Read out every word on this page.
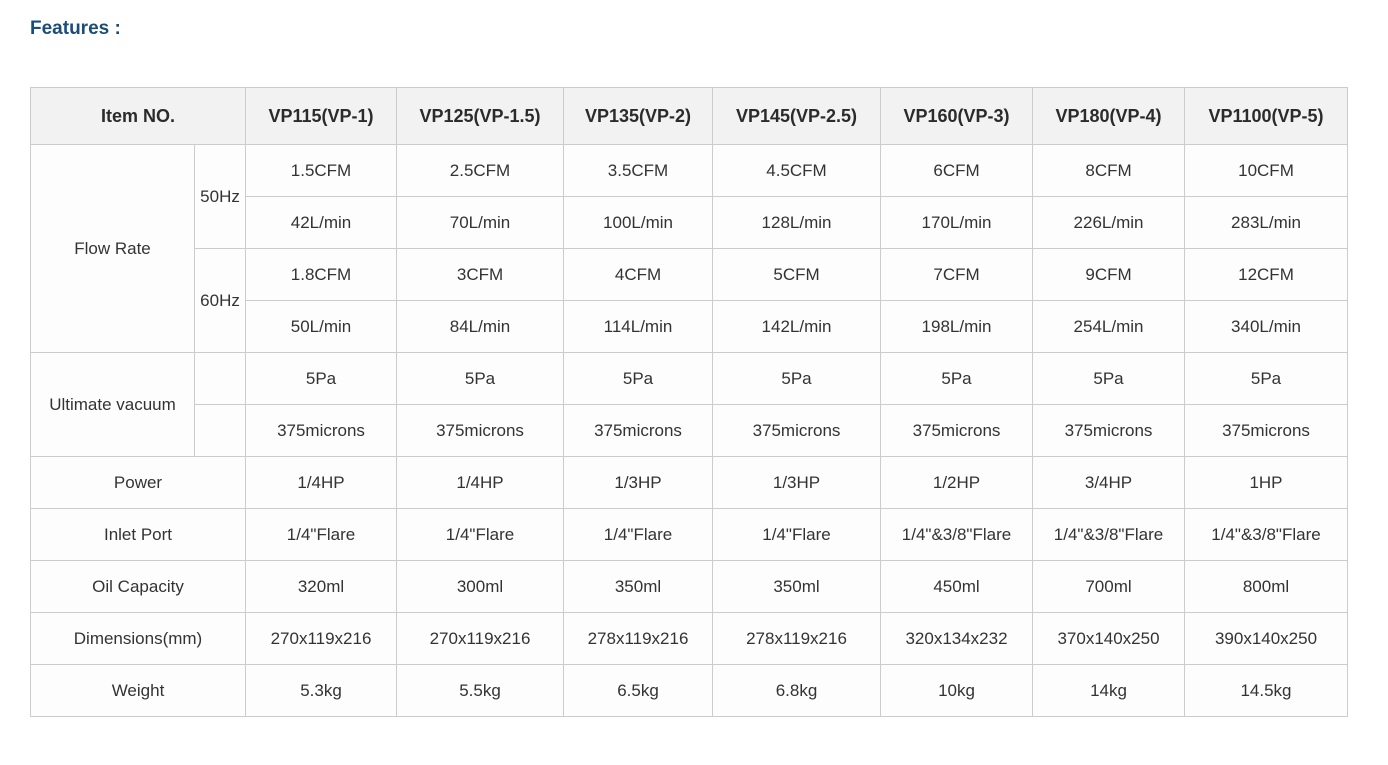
Features :
Item NO.		VP115(VP-1)	VP125(VP-1.5)	VP135(VP-2)	VP145(VP-2.5)	VP160(VP-3)	VP180(VP-4)	VP1100(VP-5)
Flow Rate	50Hz	1.5CFM	2.5CFM	3.5CFM	4.5CFM	6CFM	8CFM	10CFM
		42L/min	70L/min	100L/min	128L/min	170L/min	226L/min	283L/min
	60Hz	1.8CFM	3CFM	4CFM	5CFM	7CFM	9CFM	12CFM
		50L/min	84L/min	114L/min	142L/min	198L/min	254L/min	340L/min
Ultimate vacuum		5Pa	5Pa	5Pa	5Pa	5Pa	5Pa	5Pa
		375microns	375microns	375microns	375microns	375microns	375microns	375microns
Power		1/4HP	1/4HP	1/3HP	1/3HP	1/2HP	3/4HP	1HP
Inlet Port		1/4"Flare	1/4"Flare	1/4"Flare	1/4"Flare	1/4"&3/8"Flare	1/4"&3/8"Flare	1/4"&3/8"Flare
Oil Capacity		320ml	300ml	350ml	350ml	450ml	700ml	800ml
Dimensions(mm)		270x119x216	270x119x216	278x119x216	278x119x216	320x134x232	370x140x250	390x140x250
Weight		5.3kg	5.5kg	6.5kg	6.8kg	10kg	14kg	14.5kg
